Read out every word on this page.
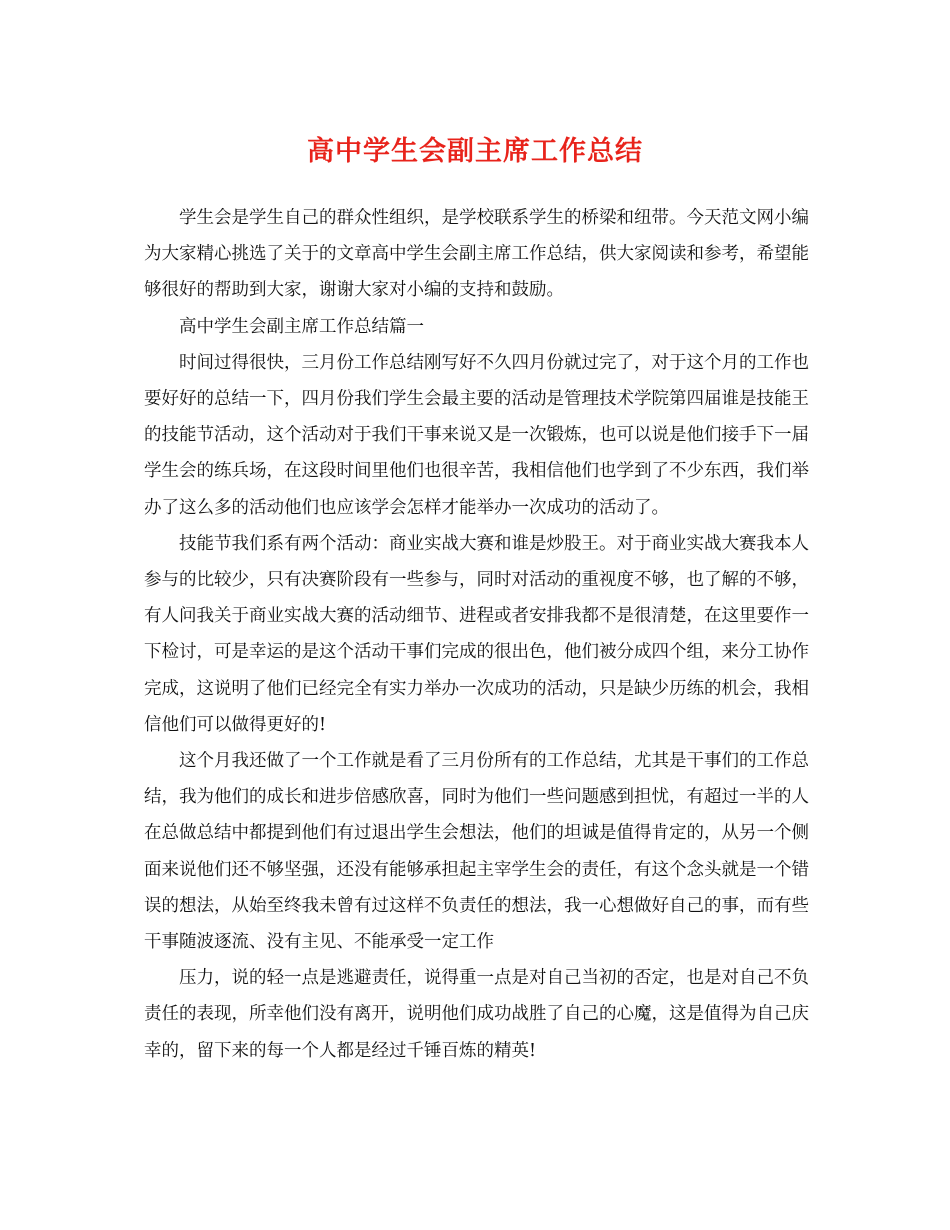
高中学生会副主席工作总结

学生会是学生自己的群众性组织，是学校联系学生的桥梁和纽带。今天范文网小编为大家精心挑选了关于的文章高中学生会副主席工作总结，供大家阅读和参考，希望能够很好的帮助到大家，谢谢大家对小编的支持和鼓励。

高中学生会副主席工作总结篇一

时间过得很快，三月份工作总结刚写好不久四月份就过完了，对于这个月的工作也要好好的总结一下，四月份我们学生会最主要的活动是管理技术学院第四届谁是技能王的技能节活动，这个活动对于我们干事来说又是一次锻炼，也可以说是他们接手下一届学生会的练兵场，在这段时间里他们也很辛苦，我相信他们也学到了不少东西，我们举办了这么多的活动他们也应该学会怎样才能举办一次成功的活动了。

技能节我们系有两个活动：商业实战大赛和谁是炒股王。对于商业实战大赛我本人参与的比较少，只有决赛阶段有一些参与，同时对活动的重视度不够，也了解的不够，有人问我关于商业实战大赛的活动细节、进程或者安排我都不是很清楚，在这里要作一下检讨，可是幸运的是这个活动干事们完成的很出色，他们被分成四个组，来分工协作完成，这说明了他们已经完全有实力举办一次成功的活动，只是缺少历练的机会，我相信他们可以做得更好的!

这个月我还做了一个工作就是看了三月份所有的工作总结，尤其是干事们的工作总结，我为他们的成长和进步倍感欣喜，同时为他们一些问题感到担忧，有超过一半的人在总做总结中都提到他们有过退出学生会想法，他们的坦诚是值得肯定的，从另一个侧面来说他们还不够坚强，还没有能够承担起主宰学生会的责任，有这个念头就是一个错误的想法，从始至终我未曾有过这样不负责任的想法，我一心想做好自己的事，而有些干事随波逐流、没有主见、不能承受一定工作

压力，说的轻一点是逃避责任，说得重一点是对自己当初的否定，也是对自己不负责任的表现，所幸他们没有离开，说明他们成功战胜了自己的心魔，这是值得为自己庆幸的，留下来的每一个人都是经过千锤百炼的精英!
